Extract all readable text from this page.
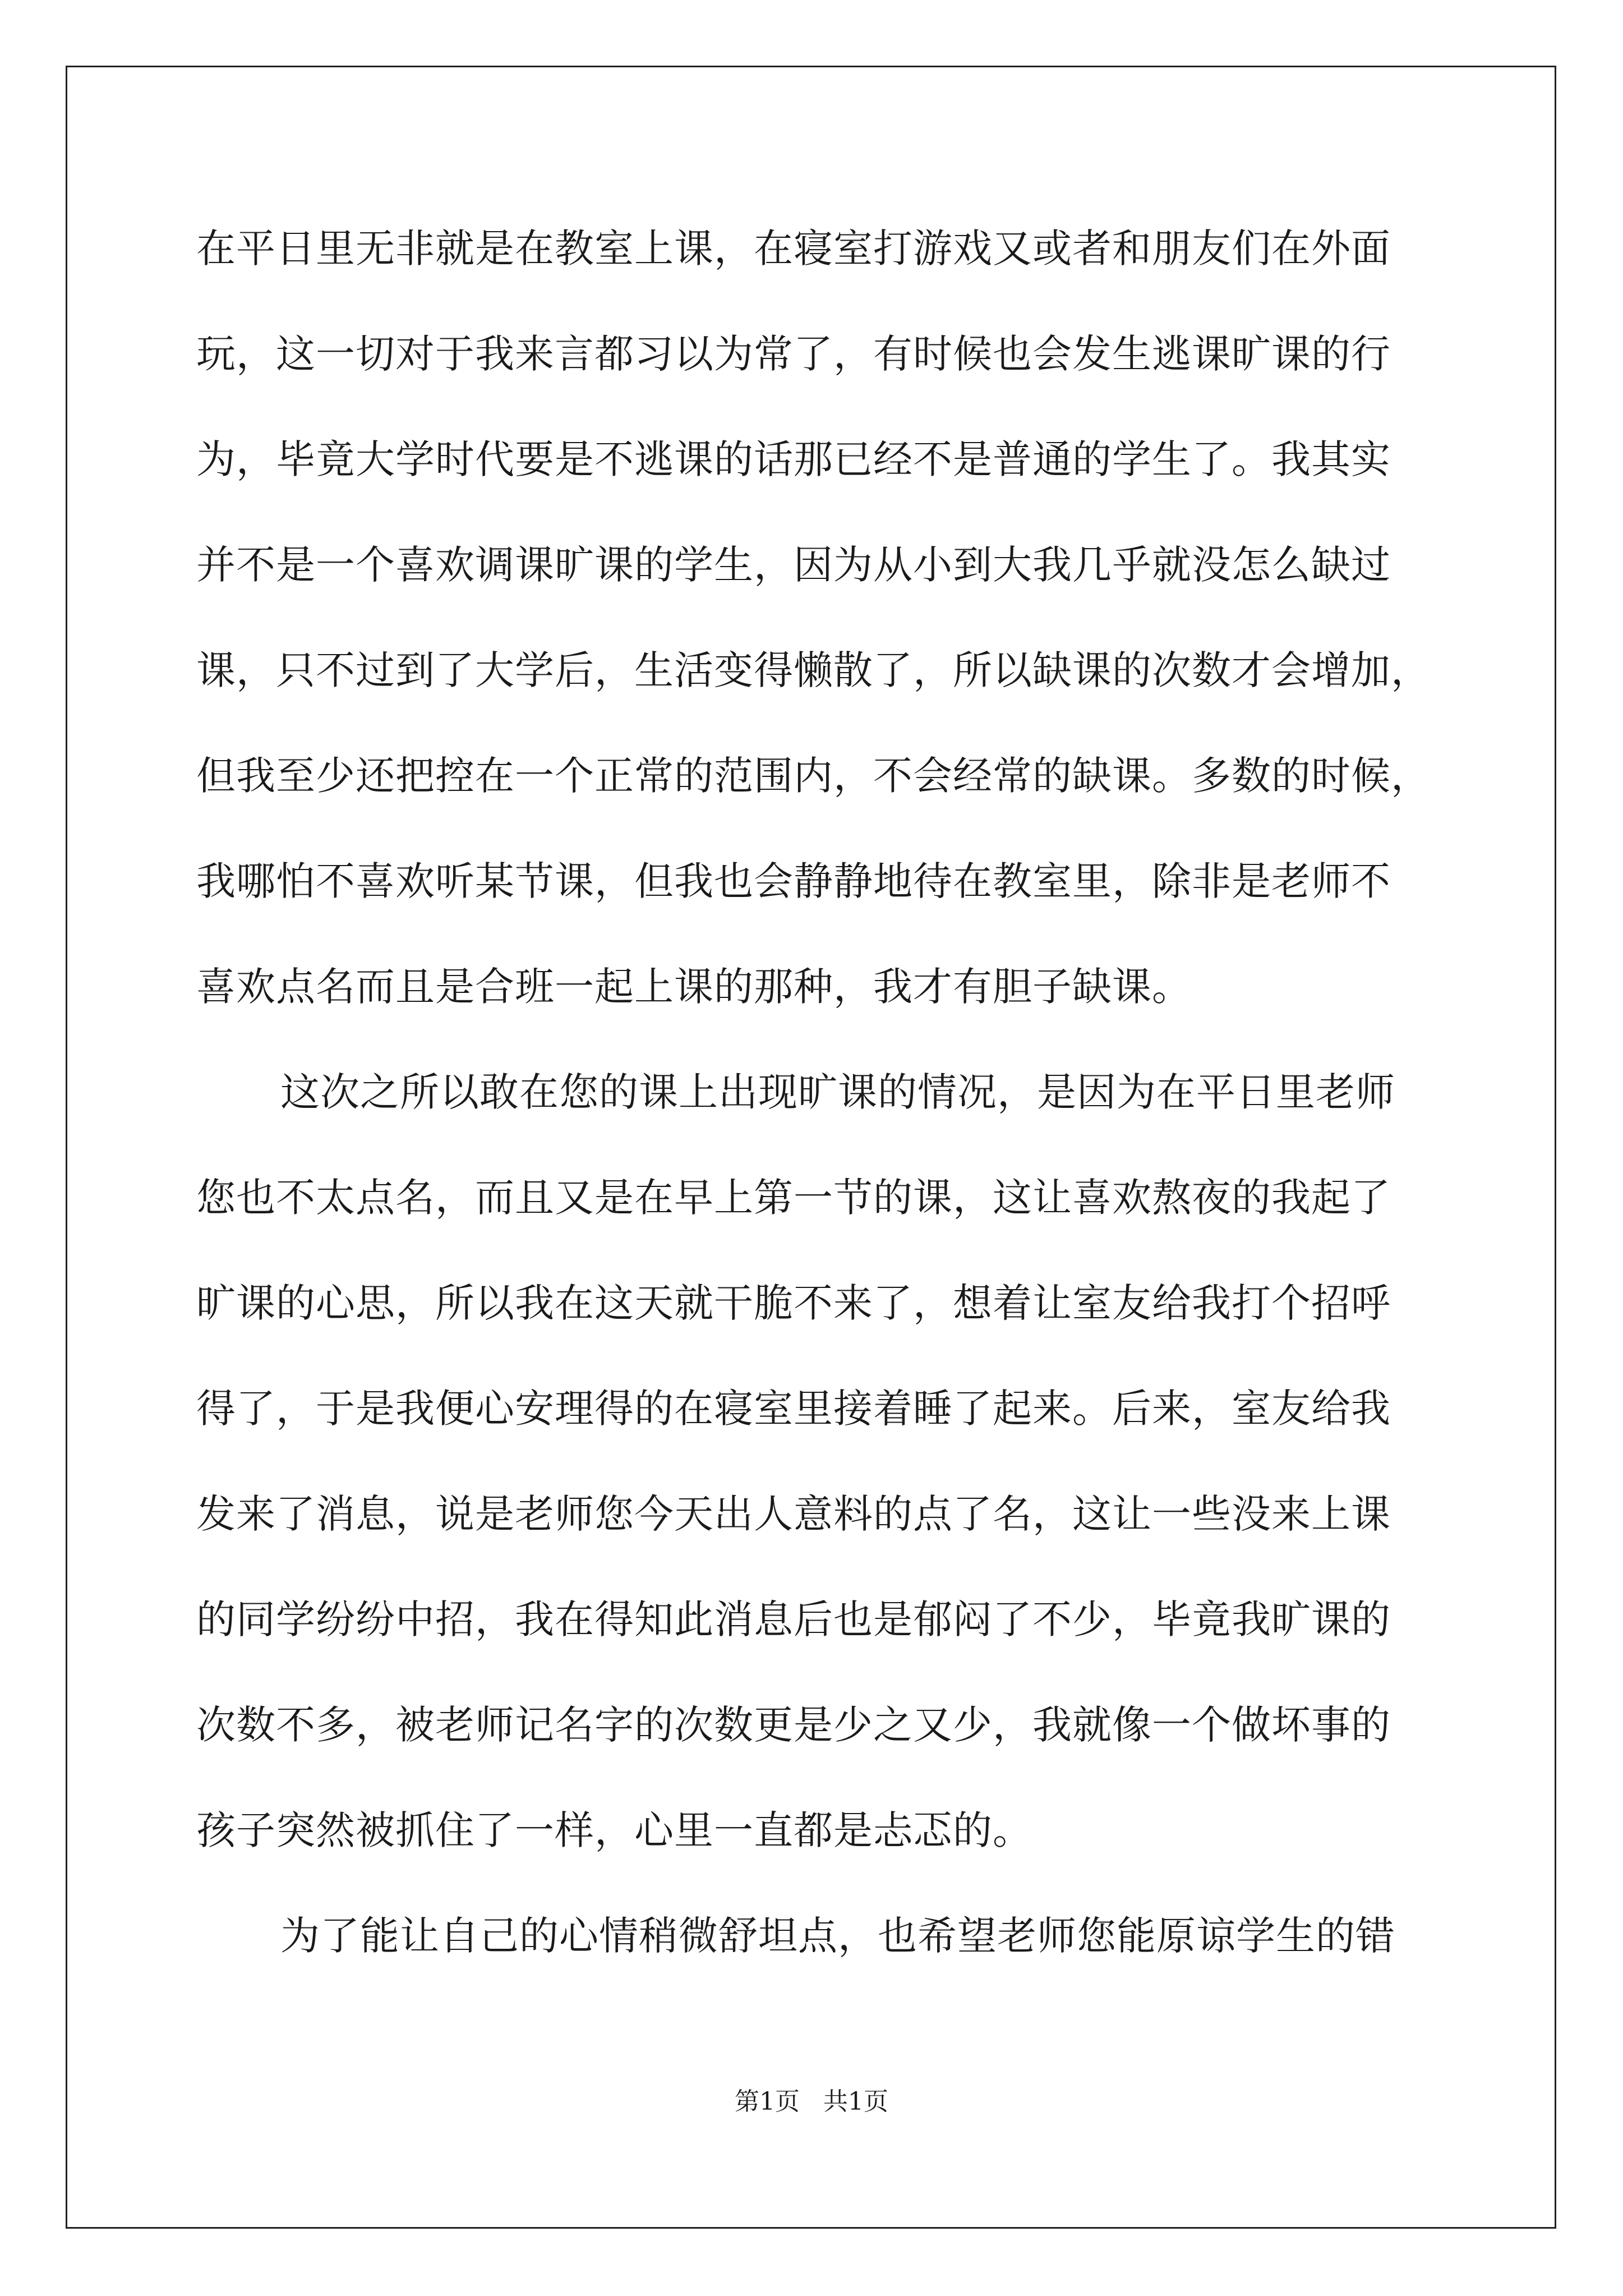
在平日里无非就是在教室上课，在寝室打游戏又或者和朋友们在外面
玩，这一切对于我来言都习以为常了，有时候也会发生逃课旷课的行
为，毕竟大学时代要是不逃课的话那已经不是普通的学生了。我其实
并不是一个喜欢调课旷课的学生，因为从小到大我几乎就没怎么缺过
课，只不过到了大学后，生活变得懒散了，所以缺课的次数才会增加，
但我至少还把控在一个正常的范围内，不会经常的缺课。多数的时候，
我哪怕不喜欢听某节课，但我也会静静地待在教室里，除非是老师不
喜欢点名而且是合班一起上课的那种，我才有胆子缺课。
这次之所以敢在您的课上出现旷课的情况，是因为在平日里老师
您也不太点名，而且又是在早上第一节的课，这让喜欢熬夜的我起了
旷课的心思，所以我在这天就干脆不来了，想着让室友给我打个招呼
得了，于是我便心安理得的在寝室里接着睡了起来。后来，室友给我
发来了消息，说是老师您今天出人意料的点了名，这让一些没来上课
的同学纷纷中招，我在得知此消息后也是郁闷了不少，毕竟我旷课的
次数不多，被老师记名字的次数更是少之又少，我就像一个做坏事的
孩子突然被抓住了一样，心里一直都是忐忑的。
为了能让自己的心情稍微舒坦点，也希望老师您能原谅学生的错
第1页   共1页
